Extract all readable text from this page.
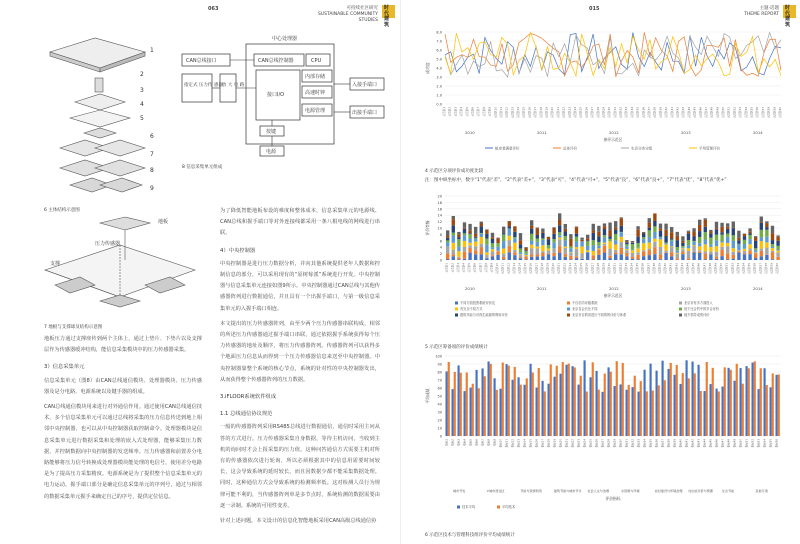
063	可持续社区研究
SUSTAINABLE COMMUNITY STUDIES
时代建筑
1
2
3
4
5
6
7
8
9
6 主体结构示意图
地板
压力传感器
支撑
7 地板与支撑球及结构示意图
中心处理器
CAN总线接口	CAN总线控制器	CPU
指定式 压力传 感器 放 大 电 路
接口I/O
内部存储
高速时钟
电源管理
入接手端口
出接手端口
按键
电源
8 信息采集单元组成

地板压力通过支撑座传到两个主体上，通过上垫片、下垫片以及支撑层作为传感器缓冲结构，能信息采集模块中的压力传感器采集。

3）信息采集单元

信息采集单元（图8）由CAN总线通信模块、处理器模块、压力传感器及是分电路、电源系统以及键手器的组成。

CAN总线通信模块用来进行对外通信作用。通过使用CAN总线通信技术，多个信息采集单元可以通过总线将采集的压力信息传送到地上相邻中央控制器，也可以从中央控制器获取控制命令。处理器模块是信息采集单元进行数据采集和处理的嵌入式处理器，能够采集压力数据，并控制数据向中央控制器的发送频率。压力传感器和前置差分电路能够将压力信号转换成处理器模块能处理的电信号，使用差分电路是为了提高压力采集精度。电源系统是为了提供整个信息采集单元的电力运动。握手端口部分是确定信息采集单元的序列号，通过与相邻的数据采集单元握手来确定自己的序号，提供定位信息。

为了降低智能地板布设的难度和整体成本，信息采集单元的电源线、CAN总线和握手端口等对外连接线都采用一条八根电线的网线进行串联。

4）中央控制器

中央控制器是进行压力数据分析，并向其他系统提供老年人数据和控制信息的部分，可以采用现有的“原树莓派”系统进行开发。中央控制器与信息采集单元连接如图9所示。中央控制器通过CAN总线与其他传感器阵列进行数据通信，并且具有一个出握手端口，与第一级信息采集单元的入握手端口相连。

本文提出的压力传感器阵列，由至少两个压力传感器串联构成，相邻的所述压力传感器通过握手端口串联，通过依据握手系统获得每个压力传感器的地址及顺序，将压力传感器阵列。传感器阵列可以获得多个地面压力信息从而得到一个压力传感器信息来送至中央控制器。中央控制器靠整个系统的核心节点，系统的针对性的中央控制器发出，从而获得整个传感器阵列的压力数据。

3.iFLOOR系统软件组成
1.1 总线通信协议规范

一般的传感器阵列采用RS485总线进行数据通信，通信时采用主问从答的方式进行。压力传感器采集自身数据，等待主机访问，当收到主机的询问时才会上报采集的压力值。这种问答通信方式需要主机对所有的传感器依次进行轮询，所以必须根据其中的信息用需要时间较长，这会导致系统的延时较长。而且因数据少都不能采集数据处理。同时，这种通信方式会导致系统的检测频率低。这对检测人员行为规律可能不利的，当传感器阵列单是多节点时，系统检测的数据需要由逐一录制。系统的可用性变差。

针对上述问题，本文设计的信息化智能地板采用CAN高级总线通信协

015	主题·话题
THEME REPORT
时代建筑
0.0
1.0
2.0
3.0
4.0
5.0
6.0
7.0
8.0
示范区1	示范区2	示范区3	示范区4	示范区5	示范区6	示范区7	示范区8	示范区9	示范区10	示范区11	示范区12	示范区13	示范区14	示范区15	示范区16	示范区17	示范区18	示范区19	示范区20	示范区21	示范区22	示范区23	示范区24	示范区25	示范区26	示范区27	示范区28	示范区29	示范区30	示范区31	示范区32	示范区33	示范区34	示范区35	示范区36	示范区37	示范区38	示范区39	示范区40	示范区41	示范区42	示范区43	示范区44	示范区45	示范区46	示范区47	示范区48	示范区49	示范区50	示范区51	示范区52	示范区53	示范区54	示范区55	示范区56	示范区57	示范区58	示范区59	示范区60
2010	2011	2012	2013	2014
参评示范区
成功度
租房者满意评价	总体评价	生活分类分级	平均管理评价
4 示范区分项评价成功度比较
注：图中纵坐标中，数字“1”代表“差”，“2”代表“差+”，“3”代表“可”，“4”代表“可+”，“5”代表“良”，“6”代表“良+”，“7”代表“优”，“8”代表“优+”
0
2
4
6
8
10
12
14
16
18
20
示范区1	示范区2	示范区3	示范区4	示范区5 示范区6	示范区7	示范区8	示范区9	示范区10 示范区11	示范区12	示范区13 示范区14	示范区15 示范区16	示范区17 示范区18 示范区19	示范区20 示范区21	示范区22 示范区23 示范区24	示范区25 示范区26	示范区27 示范区28 示范区29	示范区30 示范区31	示范区32 示范区33 示范区34	示范区35 示范区36	示范区37 示范区38 示范区39	示范区40 示范区41	示范区42 示范区43 示范区44 示范区45	示范区46	示范区47 示范区48 示范区49 示范区50	示范区51	示范区52 示范区53 示范区54 示范区55	示范区56	示范区57 示范区58 示范区59 示范区60
2010	2011	2012	2013	2014
参评示范区
评价等级
不同方面投资系统评价及	不自信功评级系统	北京市有多方面投入
有完全不同方式	北京自会长比不同	低于比合约中的多合评价
建筑节能与可再生能源的利用评价	北京市目的用进行不同的的评价与体系	地方领导成绩评价
5 示范区筹备项的评价成绩统计
0
10
20
30
40
50
60
70
80
90
100
指标1	指标2	指标3	指标4	指标5	指标6	指标7	指标8	指标9	指标10	指标11	指标12	指标13	指标14	指标15	指标16	指标17	指标18	指标19	指标20	指标21	指标22	指标23	指标24	指标25	指标26	指标27	指标28	指标29	指标30	指标31	指标32	指标33	指标34	指标35	指标36	指标37	指标38	指标39	指标40	指标41	指标42	指标43	指标44	指标45	指标46	指标47	指标48	指标49	指标50	指标51	指标52	指标53	指标54	指标55	指标56
城市开发	>城市居住区	节能与资源利用	建筑节能与城市节水 社会人文与治理	水资源与环境	农村建设与环境治理 村庄能评价与管理	生态节能	其他专项
评价指标
平均成绩
技术平均	平均技术
6 示范区技术与管理科技组评价平均成绩统计
